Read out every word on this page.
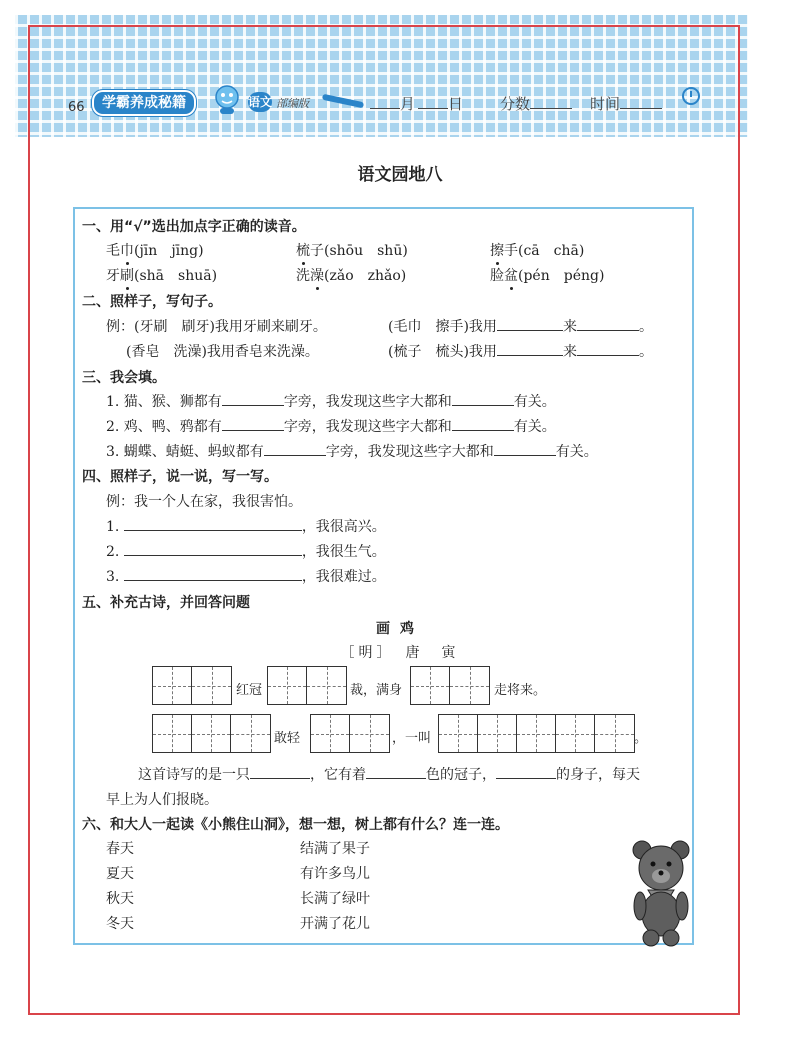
66	学霸养成秘籍	语文 部编版	月	日 分数	时间
语文园地八
一、用“√”选出加点字正确的读音。
毛巾(jīn　 jīng)	梳子(shōu　 shū)	擦手(cā　 chā)
牙刷(shā　 shuā)	洗澡(zǎo　 zhǎo)	脸盆(pén　 péng)
二、照样子，写句子。
例：(牙刷　刷牙)我用牙刷来刷牙。
(香皂　洗澡)我用香皂来洗澡。
(毛巾　擦手)我用	来	。
(梳子　梳头)我用	来	。
三、我会填。
1. 猫、猴、狮都有	字旁，我发现这些字大都和	有关。
2. 鸡、鸭、鸦都有	字旁，我发现这些字大都和	有关。
3. 蝴蝶、蜻蜓、蚂蚁都有	字旁，我发现这些字大都和	有关。
四、照样子，说一说，写一写。
例：我一个人在家，我很害怕。
1.	，我很高兴。
2.	，我很生气。
3.	，我很难过。
五、补充古诗，并回答问题
画鸡
［明］　唐　寅
红冠	裁，满身	走将来。
敢轻	，一叫	。
这首诗写的是一只	，它有着	色的冠子，	的身子，每天
早上为人们报晓。
六、和大人一起读《小熊住山洞》，想一想，树上都有什么？连一连。
春天
夏天
秋天
冬天
结满了果子
有许多鸟儿
长满了绿叶
开满了花儿
